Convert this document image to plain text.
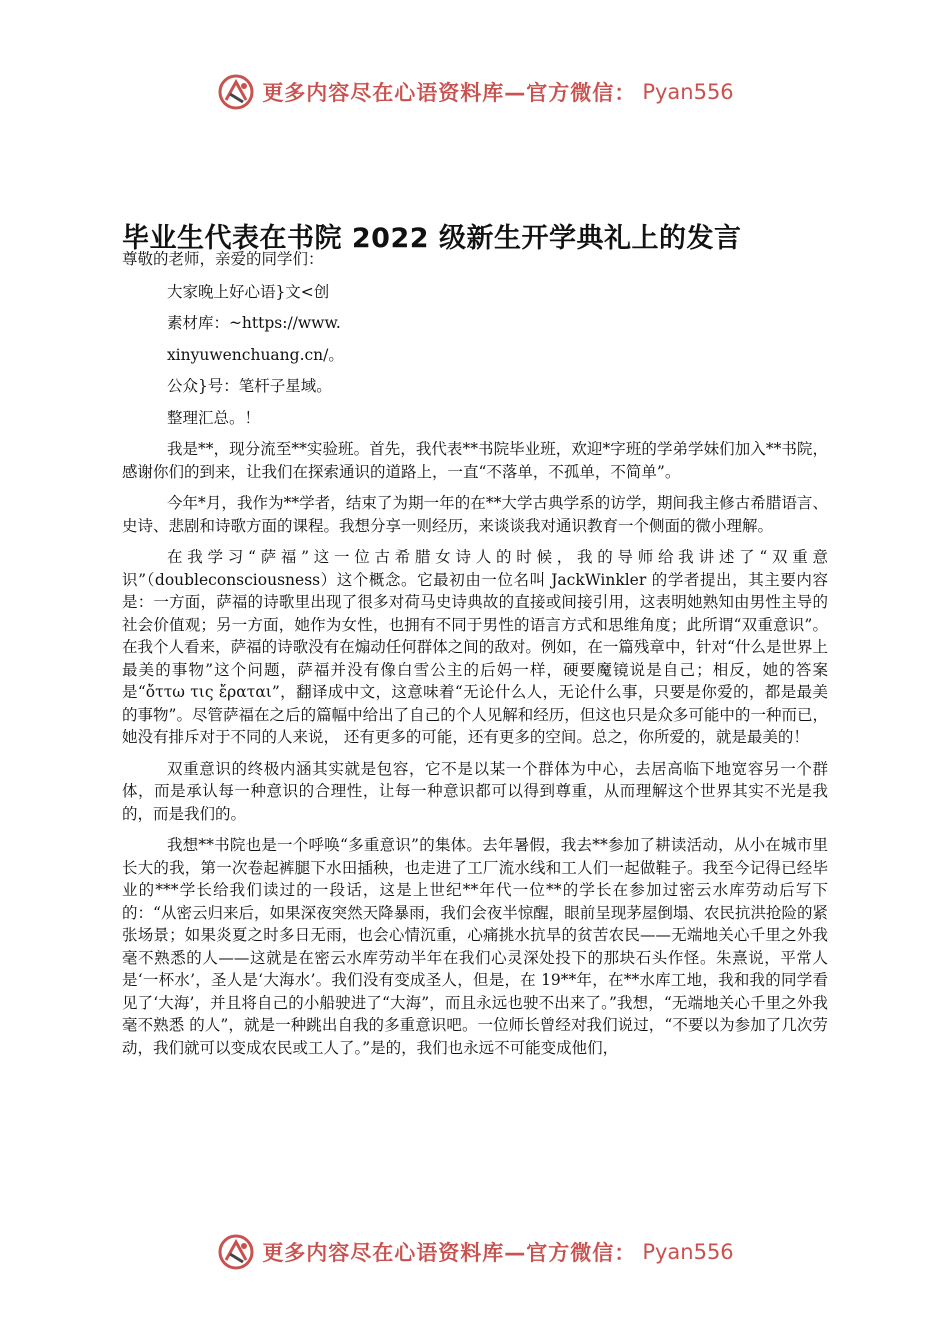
更多内容尽在心语资料库—官方微信： Pyan556
毕业生代表在书院 2022 级新生开学典礼上的发言

尊敬的老师，亲爱的同学们：

大家晚上好心语}文<创

素材库：~https://www.

xinyuwenchuang.cn/。

公众}号：笔杆子星域。

整理汇总。！

我是**，现分流至**实验班。首先，我代表**书院毕业班，欢迎*字班的学弟学妹们加入**书院，感谢你们的到来，让我们在探索通识的道路上，一直“不落单，不孤单，不简单”。

今年*月，我作为**学者，结束了为期一年的在**大学古典学系的访学，期间我主修古希腊语言、史诗、悲剧和诗歌方面的课程。我想分享一则经历，来谈谈我对通识教育一个侧面的微小理解。

在我学习“萨福”这一位古希腊女诗人的时候，我的导师给我讲述了“双重意识”（doubleconsciousness）这个概念。它最初由一位名叫 JackWinkler 的学者提出，其主要内容是：一方面，萨福的诗歌里出现了很多对荷马史诗典故的直接或间接引用，这表明她熟知由男性主导的社会价值观；另一方面，她作为女性，也拥有不同于男性的语言方式和思维角度；此所谓“双重意识”。在我个人看来，萨福的诗歌没有在煽动任何群体之间的敌对。例如，在一篇残章中，针对“什么是世界上最美的事物”这个问题，萨福并没有像白雪公主的后妈一样，硬要魔镜说是自己；相反，她的答案是“ὄττω τις ἔραται”，翻译成中文，这意味着“无论什么人，无论什么事，只要是你爱的，都是最美的事物”。尽管萨福在之后的篇幅中给出了自己的个人见解和经历，但这也只是众多可能中的一种而已，她没有排斥对于不同的人来说， 还有更多的可能，还有更多的空间。总之，你所爱的，就是最美的！

双重意识的终极内涵其实就是包容，它不是以某一个群体为中心，去居高临下地宽容另一个群体，而是承认每一种意识的合理性，让每一种意识都可以得到尊重，从而理解这个世界其实不光是我的，而是我们的。

我想**书院也是一个呼唤“多重意识”的集体。去年暑假，我去**参加了耕读活动，从小在城市里长大的我，第一次卷起裤腿下水田插秧，也走进了工厂流水线和工人们一起做鞋子。我至今记得已经毕业的***学长给我们读过的一段话，这是上世纪**年代一位**的学长在参加过密云水库劳动后写下的：“从密云归来后，如果深夜突然天降暴雨，我们会夜半惊醒，眼前呈现茅屋倒塌、农民抗洪抢险的紧张场景；如果炎夏之时多日无雨，也会心情沉重，心痛挑水抗旱的贫苦农民——无端地关心千里之外我毫不熟悉的人——这就是在密云水库劳动半年在我们心灵深处投下的那块石头作怪。朱熹说，平常人是‘一杯水’，圣人是‘大海水’。我们没有变成圣人，但是，在 19**年，在**水库工地，我和我的同学看见了‘大海’，并且将自己的小船驶进了“大海”，而且永远也驶不出来了。”我想，“无端地关心千里之外我毫不熟悉 的人”，就是一种跳出自我的多重意识吧。一位师长曾经对我们说过，“不要以为参加了几次劳动，我们就可以变成农民或工人了。”是的，我们也永远不可能变成他们，

更多内容尽在心语资料库—官方微信： Pyan556
